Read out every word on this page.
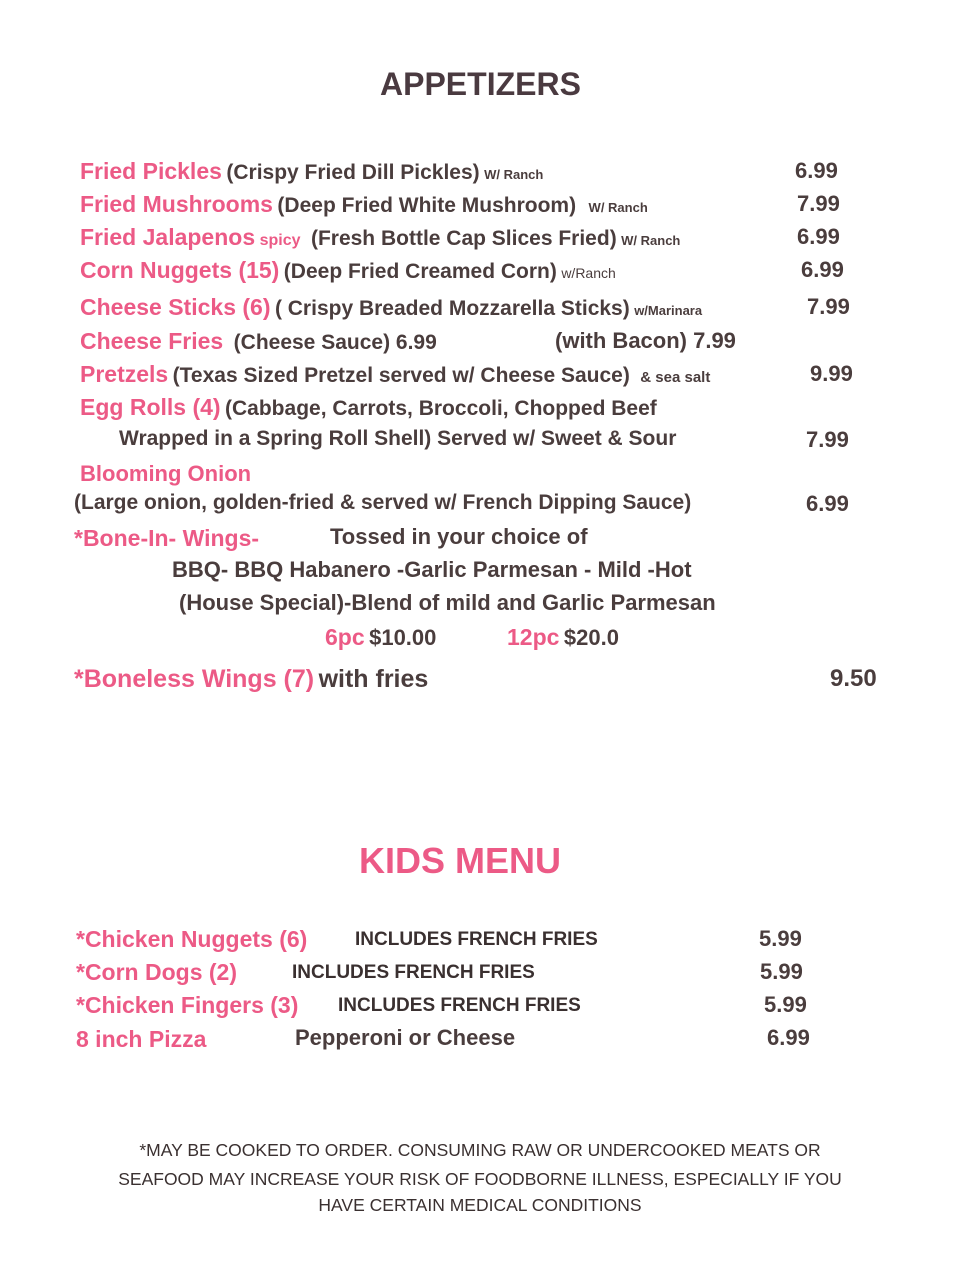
APPETIZERS
Fried Pickles (Crispy Fried Dill Pickles) W/ Ranch	6.99
Fried Mushrooms (Deep Fried White Mushroom) W/ Ranch	7.99
Fried Jalapenos spicy (Fresh Bottle Cap Slices Fried) W/ Ranch	6.99
Corn Nuggets (15) (Deep Fried Creamed Corn) w/Ranch	6.99
Cheese Sticks (6) ( Crispy Breaded Mozzarella Sticks) w/Marinara	7.99
Cheese Fries (Cheese Sauce) 6.99	(with Bacon) 7.99
Pretzels (Texas Sized Pretzel served w/ Cheese Sauce) & sea salt	9.99
Egg Rolls (4) (Cabbage, Carrots, Broccoli, Chopped Beef
Wrapped in a Spring Roll Shell) Served w/ Sweet & Sour	7.99
Blooming Onion
(Large onion, golden-fried & served w/ French Dipping Sauce)	6.99
*Bone-In- Wings-	Tossed in your choice of
BBQ- BBQ Habanero -Garlic Parmesan - Mild -Hot
(House Special)-Blend of mild and Garlic Parmesan
6pc $10.00	12pc $20.0
*Boneless Wings (7) with fries	9.50
KIDS MENU
*Chicken Nuggets (6)	INCLUDES FRENCH FRIES	5.99
*Corn Dogs (2)	INCLUDES FRENCH FRIES	5.99
*Chicken Fingers (3) INCLUDES FRENCH FRIES	5.99
8 inch Pizza	Pepperoni or Cheese	6.99
*MAY BE COOKED TO ORDER. CONSUMING RAW OR UNDERCOOKED MEATS OR
SEAFOOD MAY INCREASE YOUR RISK OF FOODBORNE ILLNESS, ESPECIALLY IF YOU
HAVE CERTAIN MEDICAL CONDITIONS
